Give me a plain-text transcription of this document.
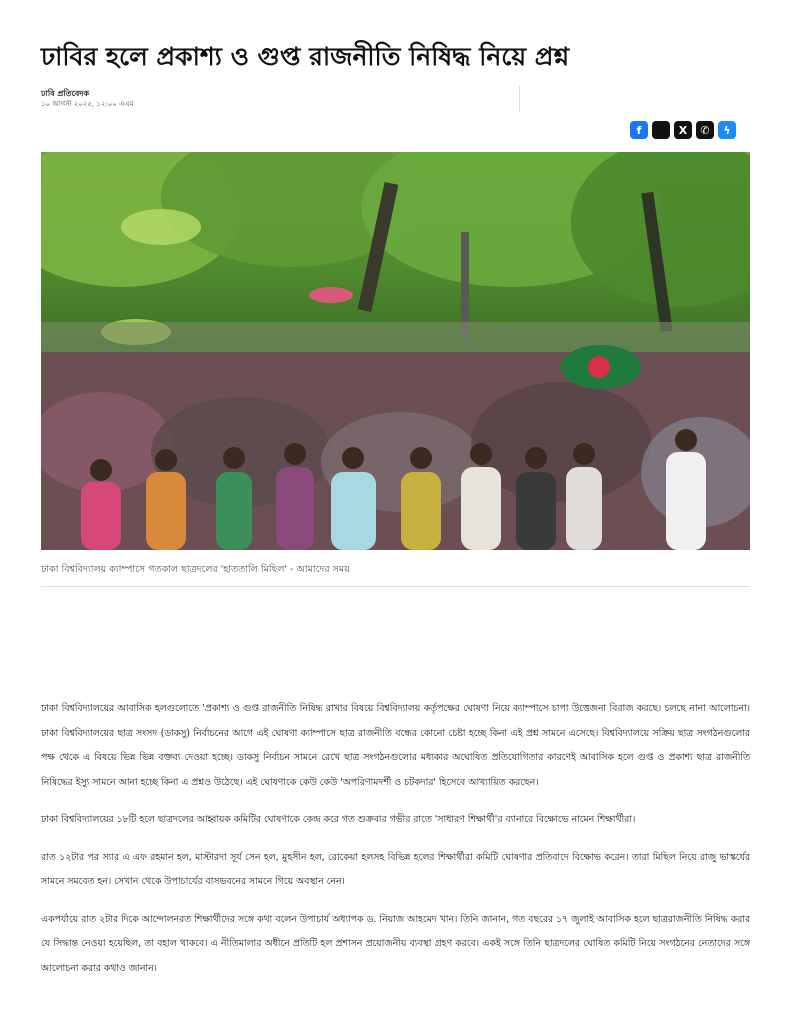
ঢাবির হলে প্রকাশ্য ও গুপ্ত রাজনীতি নিষিদ্ধ নিয়ে প্রশ্ন
ঢাবি প্রতিবেদক
১০ আগস্ট ২০২৫, ১২:০০ এএম
f	X	✆	ϟ

ঢাকা বিশ্ববিদ্যালয় ক্যাম্পাসে গতকাল ছাত্রদলের 'হাততালি মিছিল' - আমাদের সময়

ঢাকা বিশ্ববিদ্যালয়ের আবাসিক হলগুলোতে 'প্রকাশ্য ও গুপ্ত রাজনীতি নিষিদ্ধ রাখার বিষয়ে বিশ্ববিদ্যালয় কর্তৃপক্ষের ঘোষণা নিয়ে ক্যাম্পাসে চাপা উত্তেজনা বিরাজ করছে। চলছে নানা আলোচনা। ঢাকা বিশ্ববিদ্যালয়ের ছাত্র সংসদ (ডাকসু) নির্বাচনের আগে এই ঘোষণা ক্যাম্পাসে ছাত্র রাজনীতি বন্ধের কোনো চেষ্টা হচ্ছে কিনা এই প্রশ্ন সামনে এসেছে। বিশ্ববিদ্যালয়ে সক্রিয় ছাত্র সংগঠনগুলোর পক্ষ থেকে এ বিষয়ে ভিন্ন ভিন্ন বক্তব্য দেওয়া হচ্ছে। ডাকসু নির্বাচন সামনে রেখে ছাত্র সংগঠনগুলোর মধ্যকার অঘোষিত প্রতিযোগিতার কারণেই আবাসিক হলে গুপ্ত ও প্রকাশ্য ছাত্র রাজনীতি নিষিদ্ধের ইস্যু সামনে আনা হচ্ছে কিনা এ প্রশ্নও উঠেছে। এই ঘোষণাকে কেউ কেউ 'অপরিণামদর্শী ও চটকদার' হিসেবে আখ্যায়িত করছেন।

ঢাকা বিশ্ববিদ্যালয়ের ১৮টি হলে ছাত্রদলের আহ্বায়ক কমিটির ঘোষণাকে কেন্দ্র করে গত শুক্রবার গভীর রাতে 'সাধারণ শিক্ষার্থী'র ব্যানারে বিক্ষোভে নামেন শিক্ষার্থীরা।

রাত ১২টার পর স্যার এ এফ রহমান হল, মাস্টারদা সূর্য সেন হল, মুহসীন হল, রোকেয়া হলসহ বিভিন্ন হলের শিক্ষার্থীরা কমিটি ঘোষণার প্রতিবাদে বিক্ষোভ করেন। তারা মিছিল নিয়ে রাজু ভাস্কর্যের সামনে সমবেত হন। সেখান থেকে উপাচার্যের বাসভবনের সামনে গিয়ে অবস্থান নেন।

একপর্যায়ে রাত ২টার দিকে আন্দোলনরত শিক্ষার্থীদের সঙ্গে কথা বলেন উপাচার্য অধ্যাপক ড. নিয়াজ আহমেদ খান। তিনি জানান, গত বছরের ১৭ জুলাই আবাসিক হলে ছাত্ররাজনীতি নিষিদ্ধ করার যে সিদ্ধান্ত নেওয়া হয়েছিল, তা বহাল থাকবে। এ নীতিমালার অধীনে প্রতিটি হল প্রশাসন প্রয়োজনীয় ব্যবস্থা গ্রহণ করবে। একই সঙ্গে তিনি ছাত্রদলের ঘোষিত কমিটি নিয়ে সংগঠনের নেতাদের সঙ্গে আলোচনা করার কথাও জানান।
